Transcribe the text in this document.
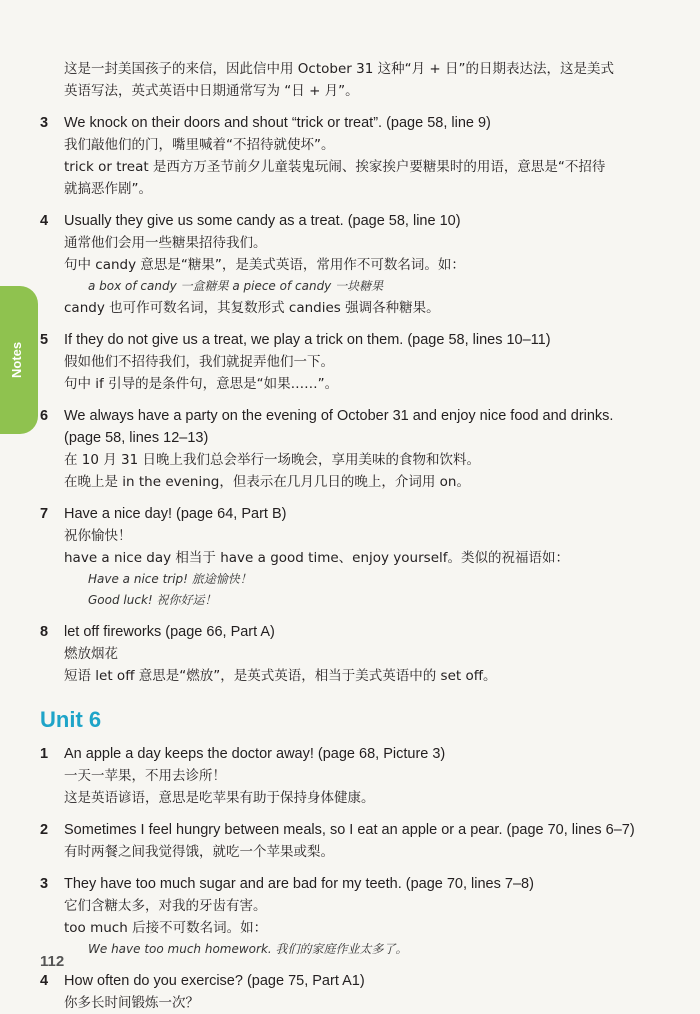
Notes
这是一封美国孩子的来信，因此信中用 October 31 这种“月 + 日”的日期表达法，这是美式
英语写法，英式英语中日期通常写为 “日 + 月”。
3 We knock on their doors and shout “trick or treat”. (page 58, line 9)
我们敲他们的门，嘴里喊着“不招待就使坏”。
trick or treat 是西方万圣节前夕儿童装鬼玩闹、挨家挨户要糖果时的用语，意思是“不招待
就搞恶作剧”。
4 Usually they give us some candy as a treat. (page 58, line 10)
通常他们会用一些糖果招待我们。
句中 candy 意思是“糖果”，是美式英语，常用作不可数名词。如：
a box of candy 一盒糖果 a piece of candy 一块糖果
candy 也可作可数名词，其复数形式 candies 强调各种糖果。
5 If they do not give us a treat, we play a trick on them. (page 58, lines 10–11)
假如他们不招待我们，我们就捉弄他们一下。
句中 if 引导的是条件句，意思是“如果……”。
6 We always have a party on the evening of October 31 and enjoy nice food and drinks.
(page 58, lines 12–13)
在 10 月 31 日晚上我们总会举行一场晚会，享用美味的食物和饮料。
在晚上是 in the evening，但表示在几月几日的晚上，介词用 on。
7 Have a nice day! (page 64, Part B)
祝你愉快！
have a nice day 相当于 have a good time、enjoy yourself。类似的祝福语如：
Have a nice trip! 旅途愉快！
Good luck! 祝你好运！
8 let off fireworks (page 66, Part A)
燃放烟花
短语 let off 意思是“燃放”，是英式英语，相当于美式英语中的 set off。
Unit 6
1 An apple a day keeps the doctor away! (page 68, Picture 3)
一天一苹果，不用去诊所！
这是英语谚语，意思是吃苹果有助于保持身体健康。
2 Sometimes I feel hungry between meals, so I eat an apple or a pear. (page 70, lines 6–7)
有时两餐之间我觉得饿，就吃一个苹果或梨。
3 They have too much sugar and are bad for my teeth. (page 70, lines 7–8)
它们含糖太多，对我的牙齿有害。
too much 后接不可数名词。如：
We have too much homework. 我们的家庭作业太多了。
4 How often do you exercise? (page 75, Part A1)
你多长时间锻炼一次？
112
